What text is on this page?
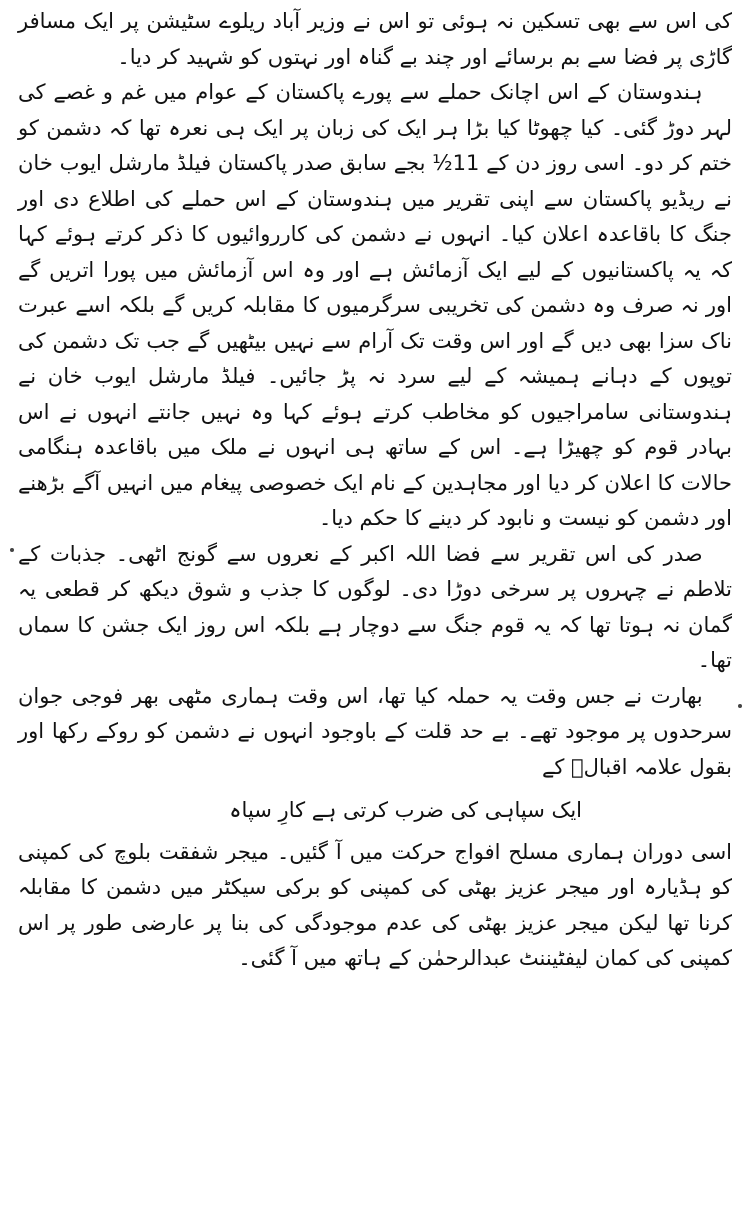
کی اس سے بھی تسکین نہ ہوئی تو اس نے وزیر آباد ریلوے سٹیشن پر ایک مسافر گاڑی پر فضا سے بم برسائے اور چند بے گناہ اور نہتوں کو شہید کر دیا۔

ہندوستان کے اس اچانک حملے سے پورے پاکستان کے عوام میں غم و غصے کی لہر دوڑ گئی۔ کیا چھوٹا کیا بڑا ہر ایک کی زبان پر ایک ہی نعرہ تھا کہ دشمن کو ختم کر دو۔ اسی روز دن کے 11½ بجے سابق صدر پاکستان فیلڈ مارشل ایوب خان نے ریڈیو پاکستان سے اپنی تقریر میں ہندوستان کے اس حملے کی اطلاع دی اور جنگ کا باقاعدہ اعلان کیا۔ انہوں نے دشمن کی کارروائیوں کا ذکر کرتے ہوئے کہا کہ یہ پاکستانیوں کے لیے ایک آزمائش ہے اور وہ اس آزمائش میں پورا اتریں گے اور نہ صرف وہ دشمن کی تخریبی سرگرمیوں کا مقابلہ کریں گے بلکہ اسے عبرت ناک سزا بھی دیں گے اور اس وقت تک آرام سے نہیں بیٹھیں گے جب تک دشمن کی توپوں کے دہانے ہمیشہ کے لیے سرد نہ پڑ جائیں۔ فیلڈ مارشل ایوب خان نے ہندوستانی سامراجیوں کو مخاطب کرتے ہوئے کہا وہ نہیں جانتے انہوں نے اس بہادر قوم کو چھیڑا ہے۔ اس کے ساتھ ہی انہوں نے ملک میں باقاعدہ ہنگامی حالات کا اعلان کر دیا اور مجاہدین کے نام ایک خصوصی پیغام میں انہیں آگے بڑھنے اور دشمن کو نیست و نابود کر دینے کا حکم دیا۔

صدر کی اس تقریر سے فضا اللہ اکبر کے نعروں سے گونج اٹھی۔ جذبات کے تلاطم نے چہروں پر سرخی دوڑا دی۔ لوگوں کا جذب و شوق دیکھ کر قطعی یہ گمان نہ ہوتا تھا کہ یہ قوم جنگ سے دوچار ہے بلکہ اس روز ایک جشن کا سماں تھا۔

بھارت نے جس وقت یہ حملہ کیا تھا، اس وقت ہماری مٹھی بھر فوجی جوان سرحدوں پر موجود تھے۔ بے حد قلت کے باوجود انہوں نے دشمن کو روکے رکھا اور بقول علامہ اقبالؒ کے

ایک سپاہی کی ضرب کرتی ہے کارِ سپاہ

اسی دوران ہماری مسلح افواج حرکت میں آ گئیں۔ میجر شفقت بلوچ کی کمپنی کو ہڈیارہ اور میجر عزیز بھٹی کی کمپنی کو برکی سیکٹر میں دشمن کا مقابلہ کرنا تھا لیکن میجر عزیز بھٹی کی عدم موجودگی کی بنا پر عارضی طور پر اس کمپنی کی کمان لیفٹیننٹ عبدالرحمٰن کے ہاتھ میں آ گئی۔
